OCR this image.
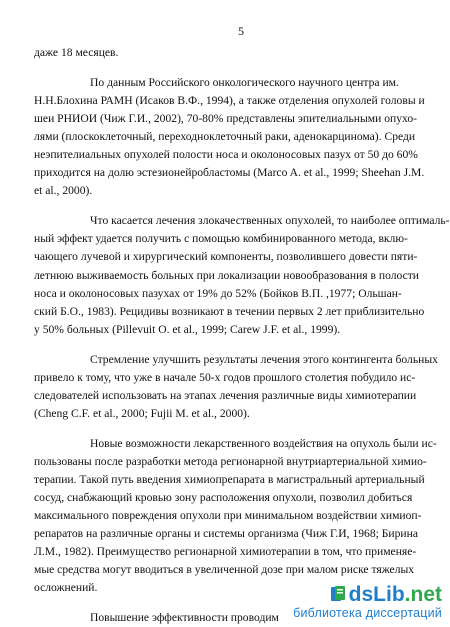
5
даже 18 месяцев.
По данным Российского онкологического научного центра им.
Н.Н.Блохина РАМН (Исаков В.Ф., 1994), а также отделения опухолей головы и
шеи РНИОИ (Чиж Г.И., 2002), 70-80% представлены эпителиальными опухо-
лями (плоскоклеточный, переходноклеточный раки, аденокарцинома). Среди
неэпителиальных опухолей полости носа и околоносовых пазух от 50 до 60%
приходится на долю эстезионейробластомы (Marco A. et al., 1999; Sheehan J.M.
et al., 2000).
Что касается лечения злокачественных опухолей, то наиболее оптималь-
ный эффект удается получить с помощью комбинированного метода, вклю-
чающего лучевой и хирургический компоненты, позволившего довести пяти-
летнюю выживаемость больных при локализации новообразования в полости
носа и околоносовых пазухах от 19% до 52% (Бойков В.П. ,1977; Ольшан-
ский Б.О., 1983). Рецидивы возникают в течении первых 2 лет приблизительно
у 50% больных (Pillevuit O. et al., 1999; Carew J.F. et al., 1999).
Стремление улучшить результаты лечения этого контингента больных
привело к тому, что уже в начале 50-х годов прошлого столетия побудило ис-
следователей использовать на этапах лечения различные виды химиотерапии
(Cheng C.F. et al., 2000; Fujii M. et al., 2000).
Новые возможности лекарственного воздействия на опухоль были ис-
пользованы после разработки метода регионарной внутриартериальной химио-
терапии. Такой путь введения химиопрепарата в магистральный артериальный
сосуд, снабжающий кровью зону расположения опухоли, позволил добиться
максимального повреждения опухоли при минимальном воздействии химиоп-
репаратов на различные органы и системы организма (Чиж Г.И, 1968; Бирина
Л.М., 1982). Преимущество регионарной химиотерапии в том, что применяе-
мые средства могут вводиться в увеличенной дозе при малом риске тяжелых
осложнений.
Повышение эффективности проводим
dsLib.net
библиотека диссертаций
